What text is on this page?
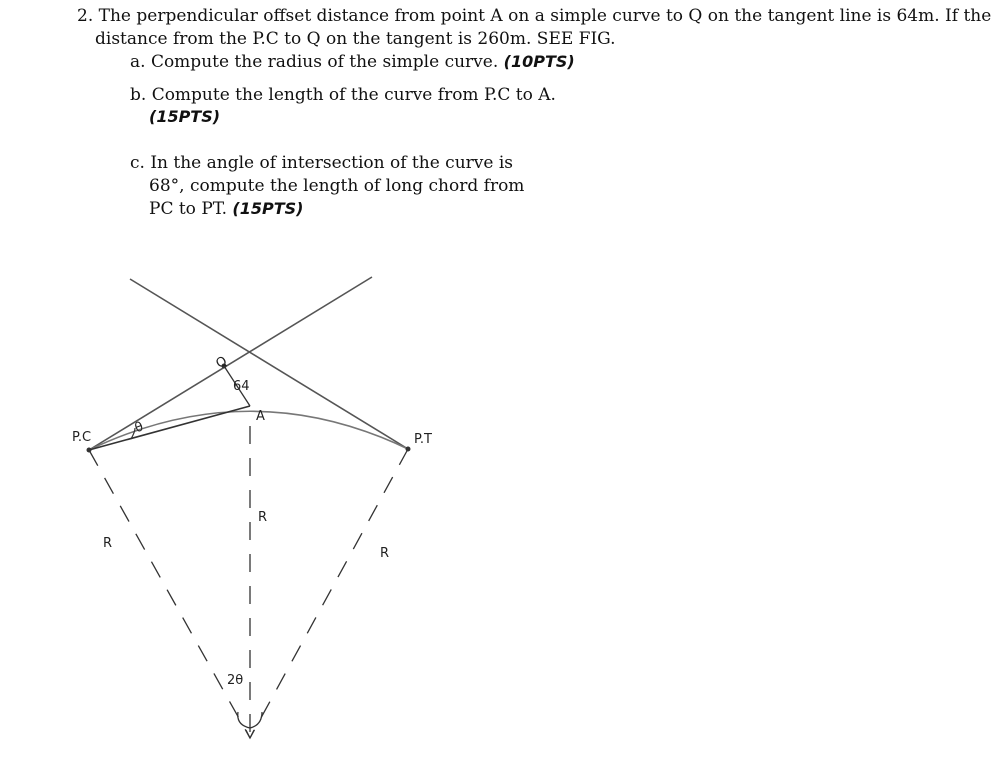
2. The perpendicular offset distance from point A on a simple curve to Q on the tangent line is 64m. If the
distance from the P.C to Q on the tangent is 260m. SEE FIG.
a. Compute the radius of the simple curve. (10PTS)
b. Compute the length of the curve from P.C to A.
(15PTS)
c. In the angle of intersection of the curve is
68°, compute the length of long chord from
PC to PT. (15PTS)
P.C	P.T
Q
A
64
θ
R
R
R
2θ
